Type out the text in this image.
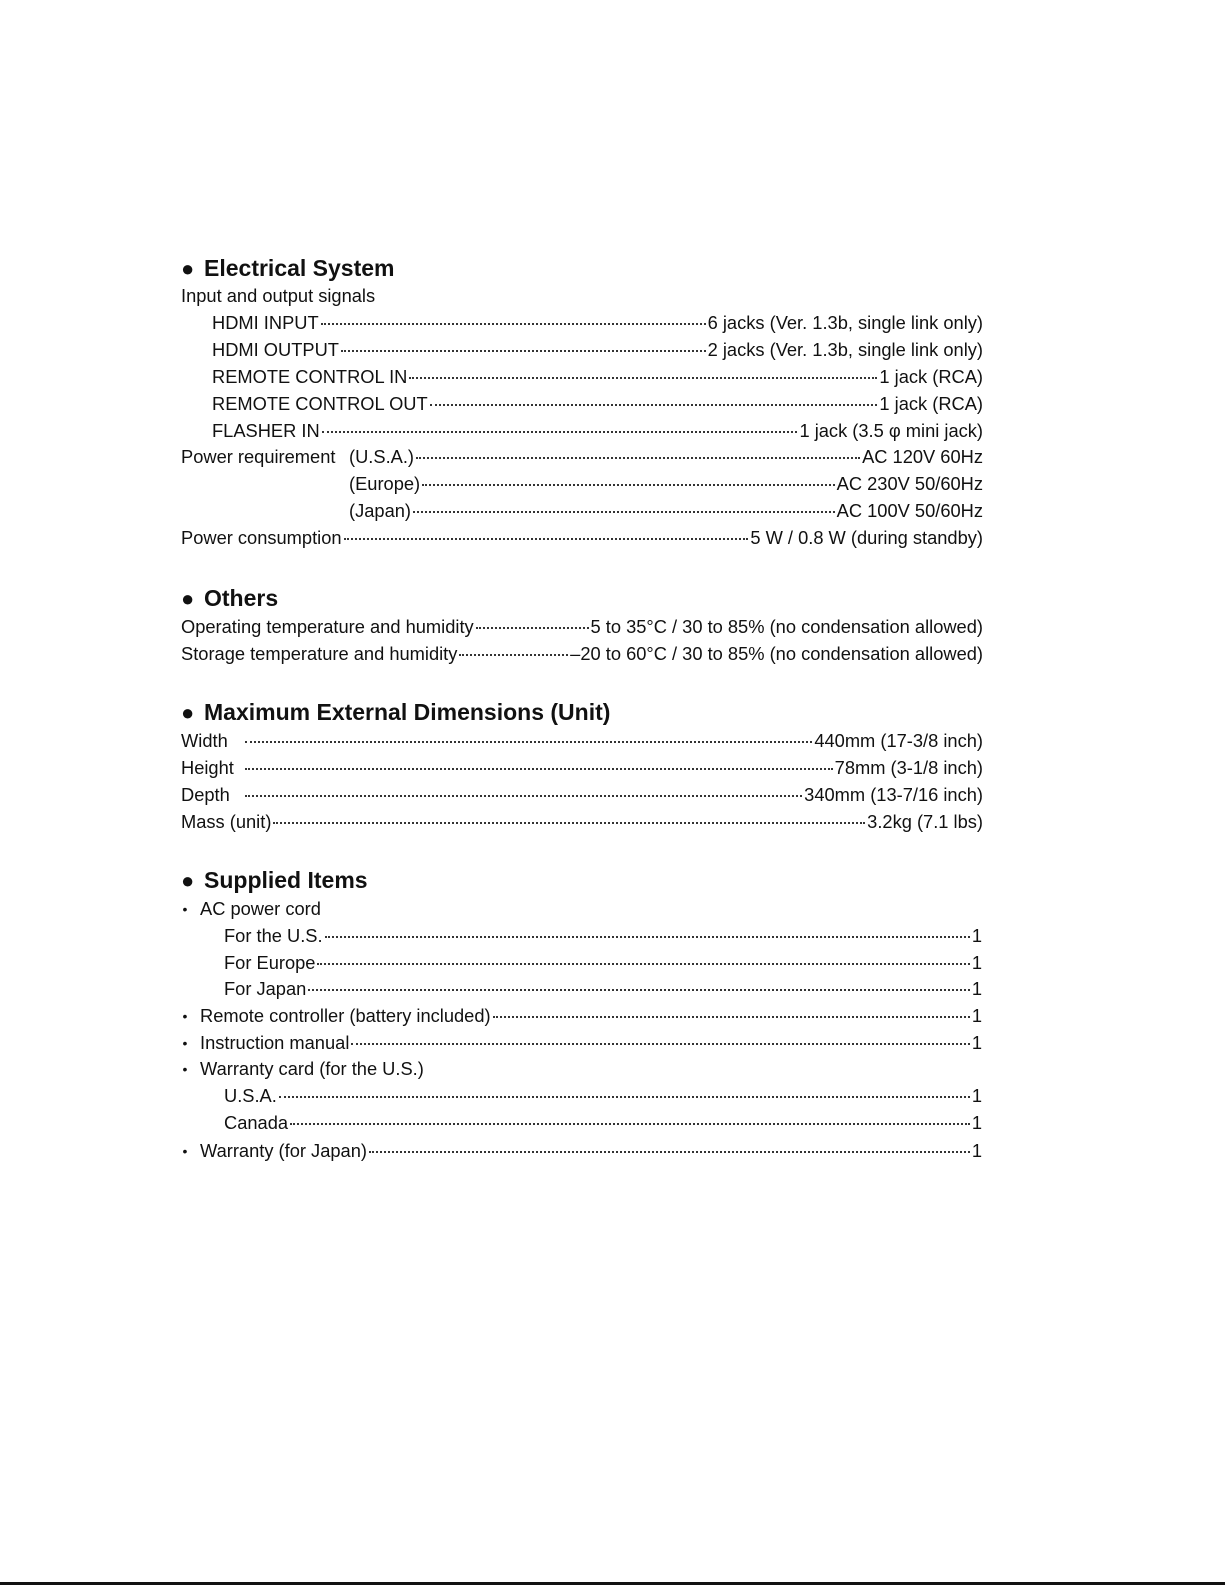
● Electrical System
Input and output signals
HDMI INPUT	6 jacks (Ver. 1.3b, single link only)
HDMI OUTPUT	2 jacks (Ver. 1.3b, single link only)
REMOTE CONTROL IN	1 jack (RCA)
REMOTE CONTROL OUT	1 jack (RCA)
FLASHER IN	1 jack (3.5 φ mini jack)
Power requirement (U.S.A.)	AC 120V 60Hz
(Europe)	AC 230V 50/60Hz
(Japan)	AC 100V 50/60Hz
Power consumption	5 W / 0.8 W (during standby)
● Others
Operating temperature and humidity	5 to 35°C / 30 to 85% (no condensation allowed)
Storage temperature and humidity	–20 to 60°C / 30 to 85% (no condensation allowed)
● Maximum External Dimensions (Unit)
Width	440mm (17-3/8 inch)
Height	78mm (3-1/8 inch)
Depth	340mm (13-7/16 inch)
Mass (unit)	3.2kg (7.1 lbs)
● Supplied Items
• AC power cord
For the U.S.	1
For Europe	1
For Japan	1
• Remote controller (battery included)	1
• Instruction manual	1
• Warranty card (for the U.S.)
U.S.A.	1
Canada	1
• Warranty (for Japan)	1
